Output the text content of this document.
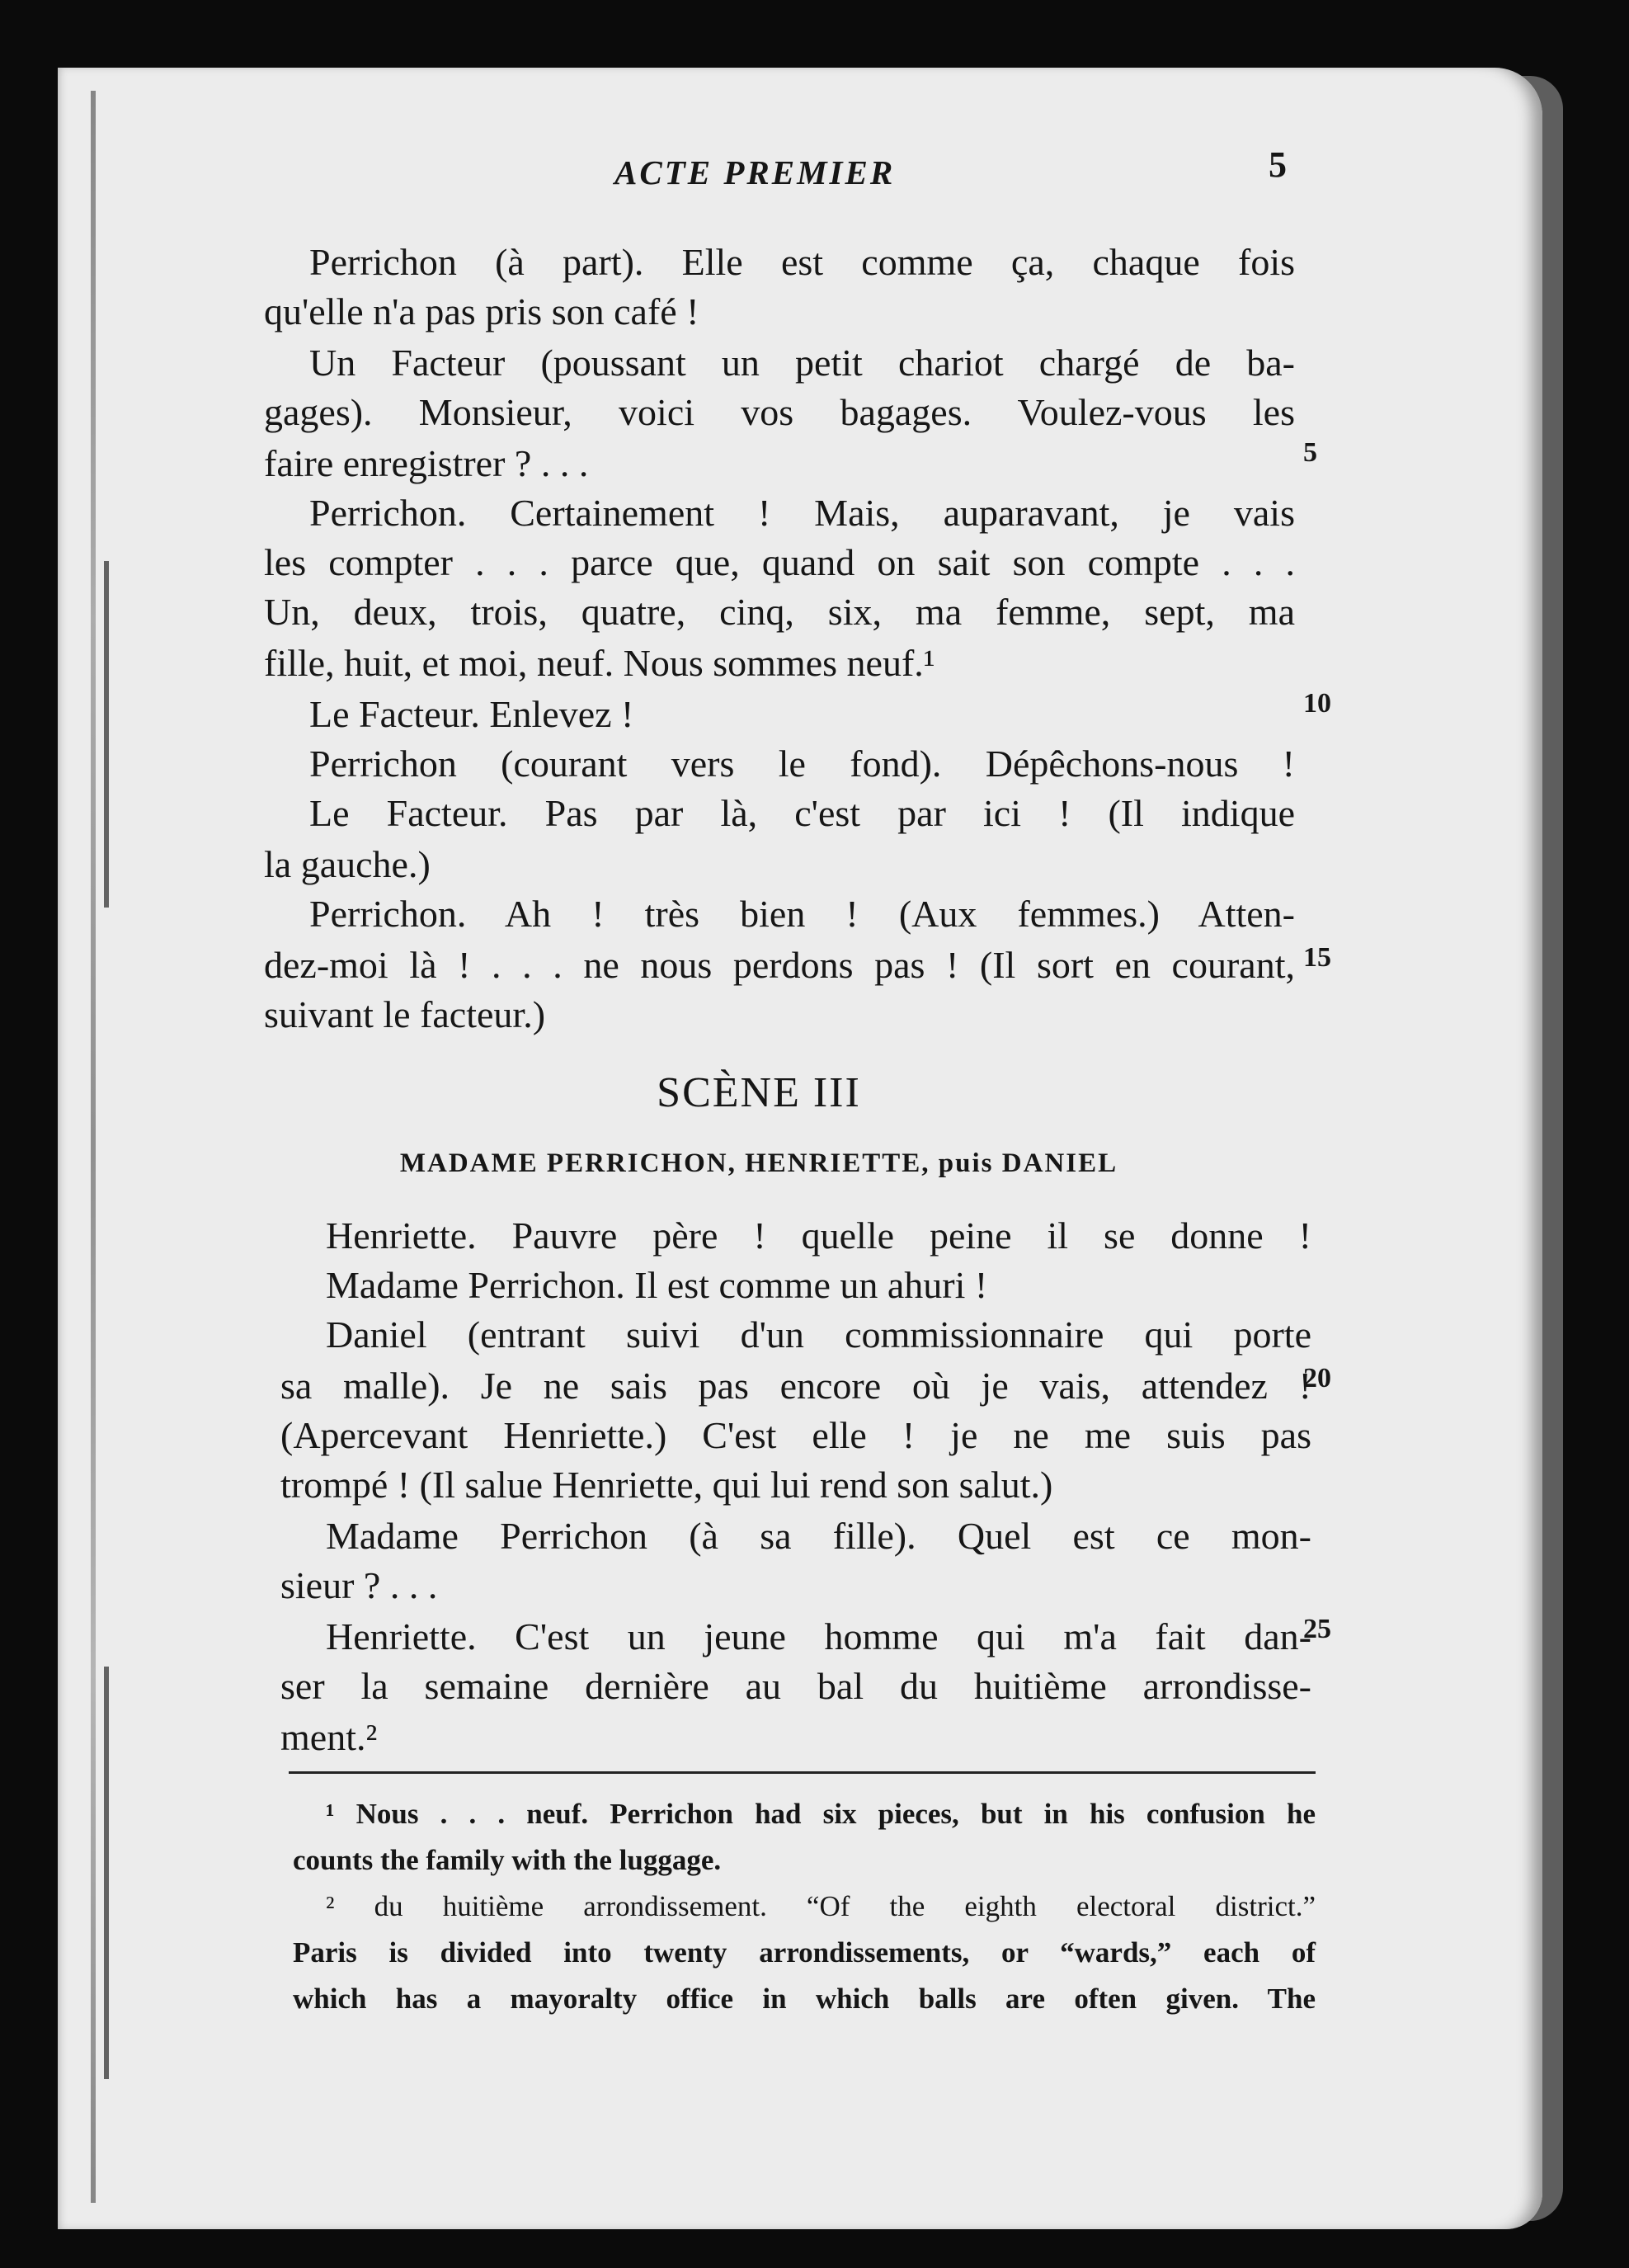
ACTE PREMIER	5
Perrichon (à part). Elle est comme ça, chaque fois
qu'elle n'a pas pris son café !
Un Facteur (poussant un petit chariot chargé de ba-
gages). Monsieur, voici vos bagages. Voulez-vous les
faire enregistrer ? . . .
Perrichon. Certainement ! Mais, auparavant, je vais
les compter . . . parce que, quand on sait son compte . . .
Un, deux, trois, quatre, cinq, six, ma femme, sept, ma
fille, huit, et moi, neuf. Nous sommes neuf.¹
Le Facteur. Enlevez !
Perrichon (courant vers le fond). Dépêchons-nous !
Le Facteur. Pas par là, c'est par ici ! (Il indique
la gauche.)
Perrichon. Ah ! très bien ! (Aux femmes.) Atten-
dez-moi là ! . . . ne nous perdons pas ! (Il sort en courant,
suivant le facteur.)
5
10
15
SCÈNE III
MADAME PERRICHON, HENRIETTE, puis DANIEL
Henriette. Pauvre père ! quelle peine il se donne !
Madame Perrichon. Il est comme un ahuri !
Daniel (entrant suivi d'un commissionnaire qui porte
sa malle). Je ne sais pas encore où je vais, attendez !
(Apercevant Henriette.) C'est elle ! je ne me suis pas
trompé ! (Il salue Henriette, qui lui rend son salut.)
Madame Perrichon (à sa fille). Quel est ce mon-
sieur ? . . .
Henriette. C'est un jeune homme qui m'a fait dan-
ser la semaine dernière au bal du huitième arrondisse-
ment.²
20
25
¹ Nous . . . neuf. Perrichon had six pieces, but in his confusion he
counts the family with the luggage.
² du huitième arrondissement. “Of the eighth electoral district.”
Paris is divided into twenty arrondissements, or “wards,” each of
which has a mayoralty office in which balls are often given. The
